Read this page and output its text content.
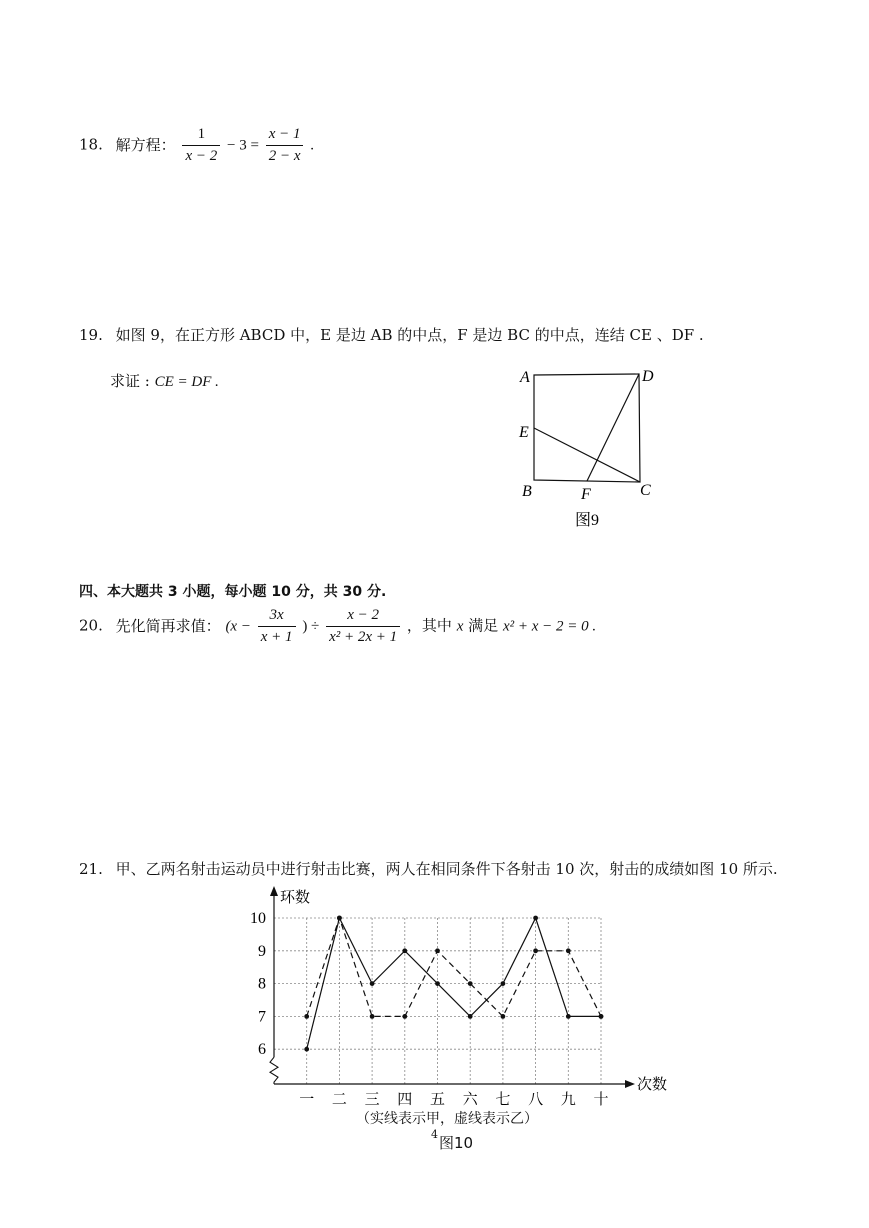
18. 解方程： $\frac{1}{x - 2} - 3 = \frac{x - 1}{2 - x}$ .
19. 如图 9，在正方形 ABCD 中，E 是边 AB 的中点，F 是边 BC 的中点，连结 CE 、DF .
求证 : CE = DF .	A	D
E
B	F	C
图9
四、本大题共 3 小题，每小题 10 分，共 30 分.
20. 先化简再求值： ($x - \frac{3x}{x + 1}$ ) ÷ $\frac{x - 2}{\text{x² + 2x + 1}}$ ，其中 x 满足 x² + x − 2 = 0 .
21. 甲、乙两名射击运动员中进行射击比赛，两人在相同条件下各射击 10 次，射击的成绩如图 10 所示.
环数
次数
6
7
8
9
10
一 二 三 四 五 六 七 八 九 十
（实线表示甲，虚线表示乙）
4 图10
